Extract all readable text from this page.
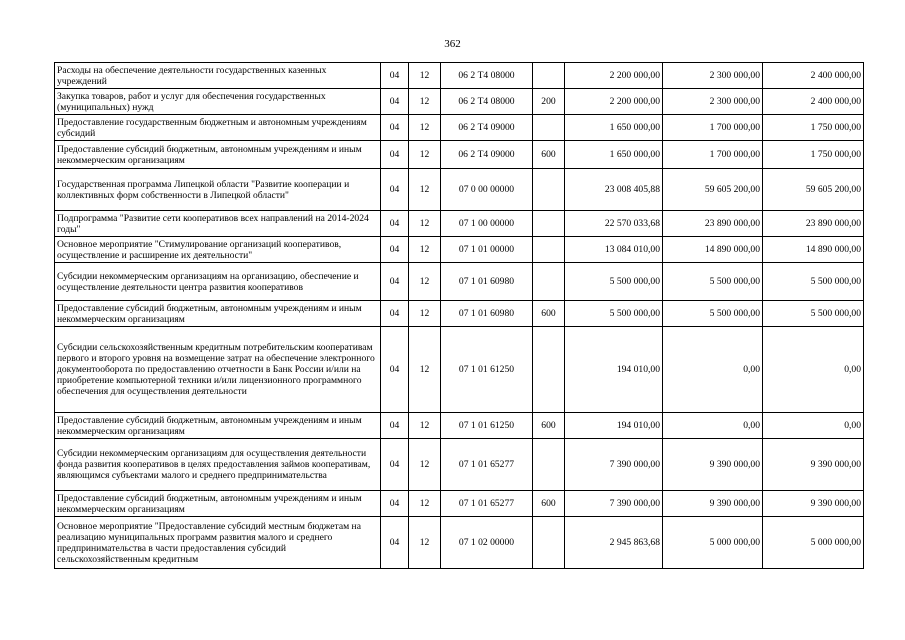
362
Расходы на обеспечение деятельности государственных казенных учреждений	04	12	06 2 Т4 08000		2 200 000,00	2 300 000,00	2 400 000,00
Закупка товаров, работ и услуг для обеспечения государственных (муниципальных) нужд	04	12	06 2 Т4 08000	200	2 200 000,00	2 300 000,00	2 400 000,00
Предоставление государственным бюджетным и автономным учреждениям субсидий	04	12	06 2 Т4 09000		1 650 000,00	1 700 000,00	1 750 000,00
Предоставление субсидий бюджетным, автономным учреждениям и иным некоммерческим организациям	04	12	06 2 Т4 09000	600	1 650 000,00	1 700 000,00	1 750 000,00
Государственная программа Липецкой области "Развитие кооперации и коллективных форм собственности в Липецкой области"	04	12	07 0 00 00000		23 008 405,88	59 605 200,00	59 605 200,00
Подпрограмма "Развитие сети кооперативов всех направлений на 2014-2024 годы"	04	12	07 1 00 00000		22 570 033,68	23 890 000,00	23 890 000,00
Основное мероприятие "Стимулирование организаций кооперативов, осуществление и расширение их деятельности"	04	12	07 1 01 00000		13 084 010,00	14 890 000,00	14 890 000,00
Субсидии некоммерческим организациям на организацию, обеспечение и осуществление деятельности центра развития кооперативов	04	12	07 1 01 60980		5 500 000,00	5 500 000,00	5 500 000,00
Предоставление субсидий бюджетным, автономным учреждениям и иным некоммерческим организациям	04	12	07 1 01 60980	600	5 500 000,00	5 500 000,00	5 500 000,00
Субсидии сельскохозяйственным кредитным потребительским кооперативам первого и второго уровня на возмещение затрат на обеспечение электронного документооборота по предоставлению отчетности в Банк России и/или на приобретение компьютерной техники и/или лицензионного программного обеспечения для осуществления деятельности	04	12	07 1 01 61250		194 010,00	0,00	0,00
Предоставление субсидий бюджетным, автономным учреждениям и иным некоммерческим организациям	04	12	07 1 01 61250	600	194 010,00	0,00	0,00
Субсидии некоммерческим организациям для осуществления деятельности фонда развития кооперативов в целях предоставления займов кооперативам, являющимся субъектами малого и среднего предпринимательства	04	12	07 1 01 65277		7 390 000,00	9 390 000,00	9 390 000,00
Предоставление субсидий бюджетным, автономным учреждениям и иным некоммерческим организациям	04	12	07 1 01 65277	600	7 390 000,00	9 390 000,00	9 390 000,00
Основное мероприятие "Предоставление субсидий местным бюджетам на реализацию муниципальных программ развития малого и среднего предпринимательства в части предоставления субсидий сельскохозяйственным кредитным	04	12	07 1 02 00000		2 945 863,68	5 000 000,00	5 000 000,00
